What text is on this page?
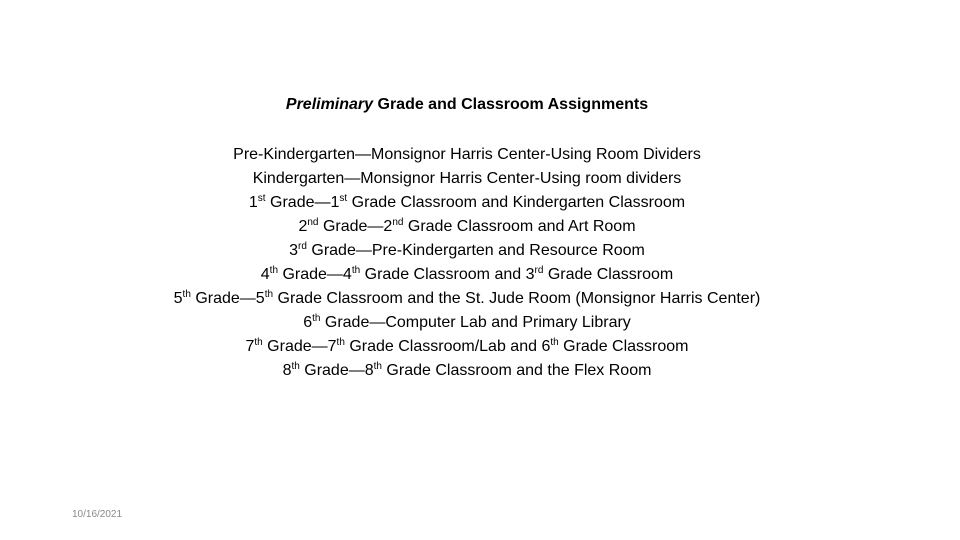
Preliminary Grade and Classroom Assignments
Pre-Kindergarten—Monsignor Harris Center-Using Room Dividers
Kindergarten—Monsignor Harris Center-Using room dividers
1st Grade—1st Grade Classroom and Kindergarten Classroom
2nd Grade—2nd Grade Classroom and Art Room
3rd Grade—Pre-Kindergarten and Resource Room
4th Grade—4th Grade Classroom and 3rd Grade Classroom
5th Grade—5th Grade Classroom and the St. Jude Room (Monsignor Harris Center)
6th Grade—Computer Lab and Primary Library
7th Grade—7th Grade Classroom/Lab and 6th Grade Classroom
8th Grade—8th Grade Classroom and the Flex Room
10/16/2021
